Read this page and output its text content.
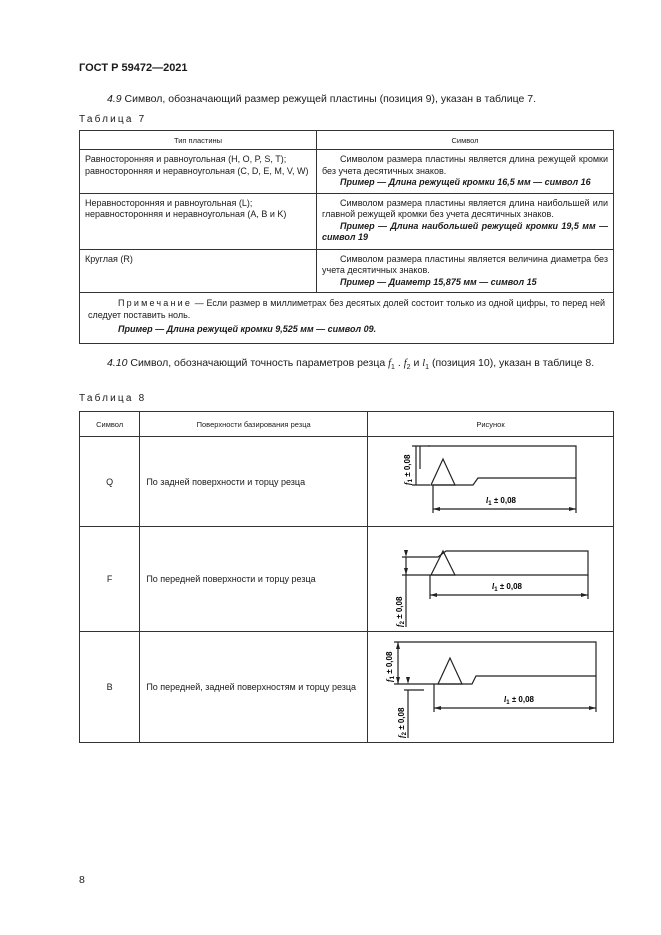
ГОСТ Р 59472—2021
4.9 Символ, обозначающий размер режущей пластины (позиция 9), указан в таблице 7.
Таблица 7
Тип пластины	Символ
Равносторонняя и равноугольная (H, O, P, S, T); равносторонняя и неравноугольная (C, D, E, M, V, W)	Символом размера пластины является длина режущей кромки без учета десятичных знаков.

Пример — Длина режущей кромки 16,5 мм — символ 16

Неравносторонняя и равноугольная (L); неравносторонняя и неравноугольная (A, B и K)	Символом размера пластины является длина наибольшей или главной режущей кромки без учета десятичных знаков.

Пример — Длина наибольшей режущей кромки 19,5 мм — символ 19

Круглая (R)	Символом размера пластины является величина диаметра без учета десятичных знаков.

Пример — Диаметр 15,875 мм — символ 15

Примечание — Если размер в миллиметрах без десятых долей состоит только из одной цифры, то перед ней следует поставить ноль.

Пример — Длина режущей кромки 9,525 мм — символ 09.	

4.10 Символ, обозначающий точность параметров резца $f_1$ . $f_2$ и $l_1$ (позиция 10), указан в таблице 8.
Таблица 8
Символ	Поверхности базирования резца	Рисунок
Q	По задней поверхности и торцу резца	$f_1 \pm 0,08$
$l_1 \pm 0,08$

F	По передней поверхности и торцу резца	$f_2 \pm 0,08$
$l_1 \pm 0,08$

B	По передней, задней поверхностям и торцу резца	$f_1 \pm 0,08$
$f_2 \pm 0,08$
$l_1 \pm 0,08$
8
